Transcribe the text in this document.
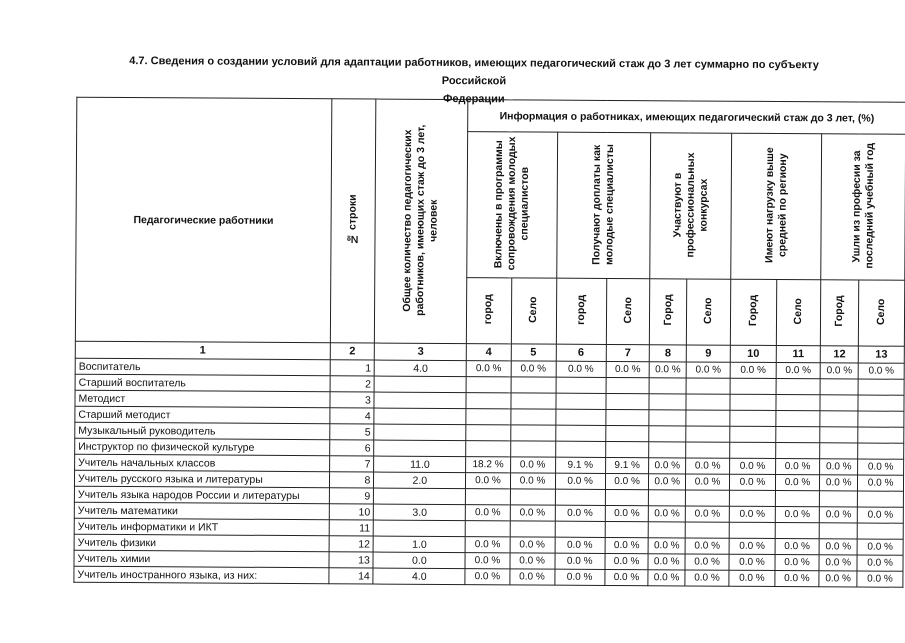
4.7. Сведения о создании условий для адаптации работников, имеющих педагогический стаж до 3 лет суммарно по субъекту Российской
Федерации
Педагогические работники	№ строки	Общее количество педагогических работников, имеющих стаж до 3 лет, человек	Информация о работниках, имеющих педагогический стаж до 3 лет, (%)									
			Включены в программы сопровождения молодых специалистов		Получают доплаты как молодые специалисты		Участвуют в профессиональных конкурсах		Имеют нагрузку выше средней по региону		Ушли из професии за последний учебный год	
			город	Село	город	Село	Город	Село	Город	Село	Город	Село
1	2	3	4	5	6	7	8	9	10	11	12	13
Воспитатель	1	4.0	0.0 %	0.0 %	0.0 %	0.0 %	0.0 %	0.0 %	0.0 %	0.0 %	0.0 %	0.0 %
Старший воспитатель	2											
Методист	3											
Старший методист	4											
Музыкальный руководитель	5											
Инструктор по физической культуре	6											
Учитель начальных классов	7	11.0	18.2 %	0.0 %	9.1 %	9.1 %	0.0 %	0.0 %	0.0 %	0.0 %	0.0 %	0.0 %
Учитель русского языка и литературы	8	2.0	0.0 %	0.0 %	0.0 %	0.0 %	0.0 %	0.0 %	0.0 %	0.0 %	0.0 %	0.0 %
Учитель языка народов России и литературы	9											
Учитель математики	10	3.0	0.0 %	0.0 %	0.0 %	0.0 %	0.0 %	0.0 %	0.0 %	0.0 %	0.0 %	0.0 %
Учитель информатики и ИКТ	11											
Учитель физики	12	1.0	0.0 %	0.0 %	0.0 %	0.0 %	0.0 %	0.0 %	0.0 %	0.0 %	0.0 %	0.0 %
Учитель химии	13	0.0	0.0 %	0.0 %	0.0 %	0.0 %	0.0 %	0.0 %	0.0 %	0.0 %	0.0 %	0.0 %
Учитель иностранного языка, из них:	14	4.0	0.0 %	0.0 %	0.0 %	0.0 %	0.0 %	0.0 %	0.0 %	0.0 %	0.0 %	0.0 %
